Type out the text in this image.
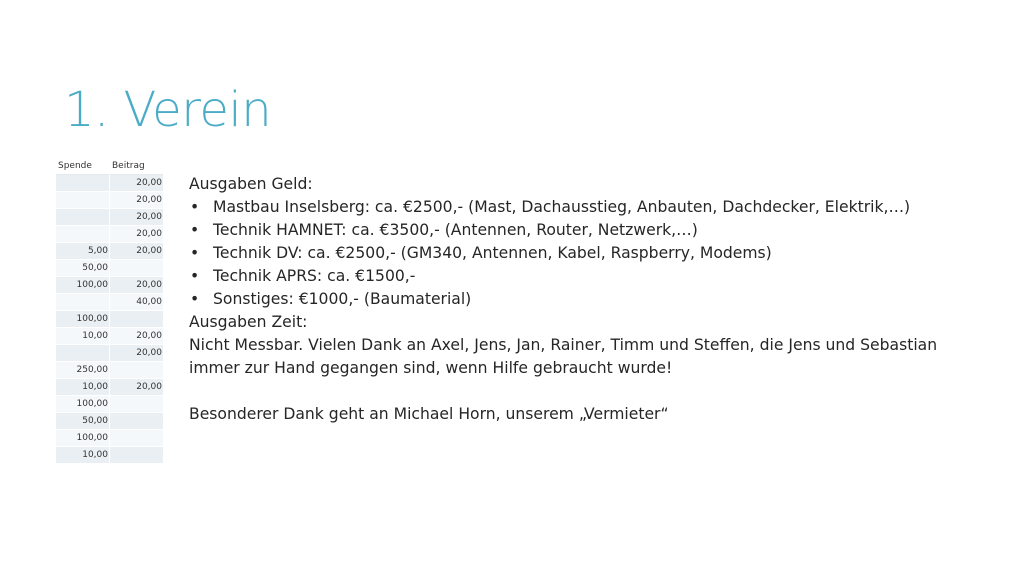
1. Verein
Spende	Beitrag
	20,00
	20,00
	20,00
	20,00
5,00	20,00
50,00	
100,00	20,00
	40,00
100,00	
10,00	20,00
	20,00
250,00	
10,00	20,00
100,00	
50,00	
100,00	
10,00	

Ausgaben Geld:

• Mastbau Inselsberg: ca. €2500,- (Mast, Dachausstieg, Anbauten, Dachdecker, Elektrik,…)
• Technik HAMNET: ca. €3500,- (Antennen, Router, Netzwerk,…)
• Technik DV: ca. €2500,- (GM340, Antennen, Kabel, Raspberry, Modems)
• Technik APRS: ca. €1500,-
• Sonstiges: €1000,- (Baumaterial)

Ausgaben Zeit:

Nicht Messbar. Vielen Dank an Axel, Jens, Jan, Rainer, Timm und Steffen, die Jens und Sebastian immer zur Hand gegangen sind, wenn Hilfe gebraucht wurde!

Besonderer Dank geht an Michael Horn, unserem „Vermieter“
